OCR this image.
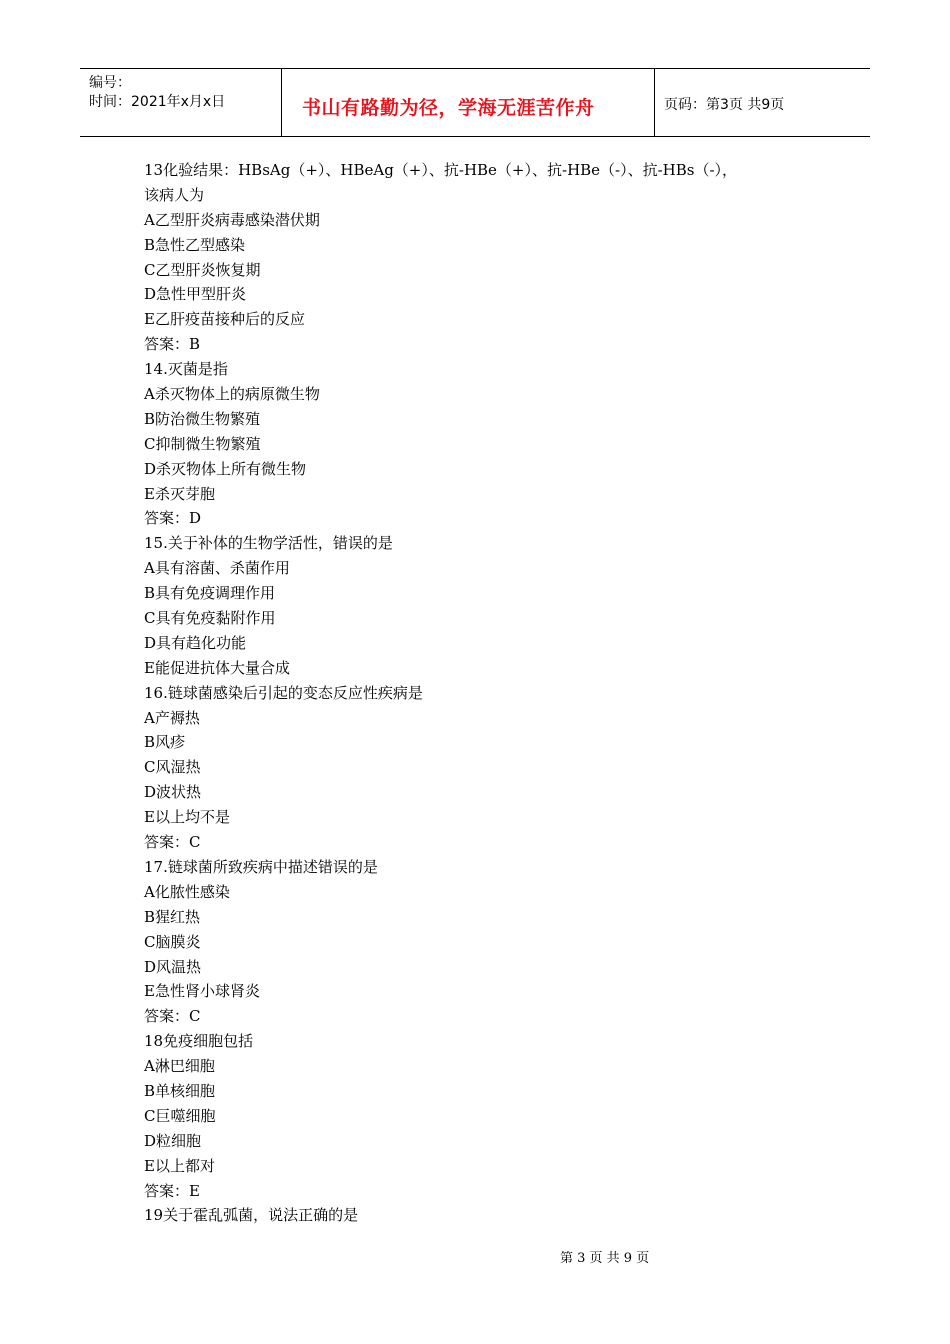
编号：
时间：2021年x月x日	书山有路勤为径，学海无涯苦作舟	页码：第3页 共9页
13化验结果：HBsAg（+）、HBeAg（+）、抗-HBe（+）、抗-HBe（-）、抗-HBs（-），
该病人为
A乙型肝炎病毒感染潜伏期
B急性乙型感染
C乙型肝炎恢复期
D急性甲型肝炎
E乙肝疫苗接种后的反应
答案：B
14.灭菌是指
A杀灭物体上的病原微生物
B防治微生物繁殖
C抑制微生物繁殖
D杀灭物体上所有微生物
E杀灭芽胞
答案：D
15.关于补体的生物学活性，错误的是
A具有溶菌、杀菌作用
B具有免疫调理作用
C具有免疫黏附作用
D具有趋化功能
E能促进抗体大量合成
16.链球菌感染后引起的变态反应性疾病是
A产褥热
B风疹
C风湿热
D波状热
E以上均不是
答案：C
17.链球菌所致疾病中描述错误的是
A化脓性感染
B猩红热
C脑膜炎
D风温热
E急性肾小球肾炎
答案：C
18免疫细胞包括
A淋巴细胞
B单核细胞
C巨噬细胞
D粒细胞
E以上都对
答案：E
19关于霍乱弧菌，说法正确的是
第 3 页 共 9 页
